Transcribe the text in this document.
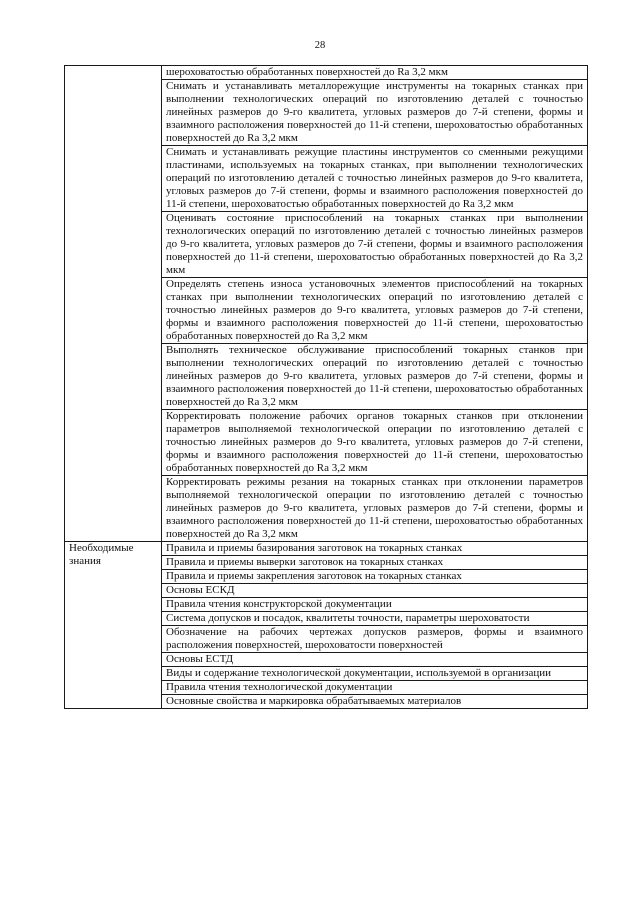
28
	шероховатостью обработанных поверхностей до Ra 3,2 мкм
	Снимать и устанавливать металлорежущие инструменты на токарных станках при выполнении технологических операций по изготовлению деталей с точностью линейных размеров до 9-го квалитета, угловых размеров до 7-й степени, формы и взаимного расположения поверхностей до 11-й степени, шероховатостью обработанных поверхностей до Ra 3,2 мкм
	Снимать и устанавливать режущие пластины инструментов со сменными режущими пластинами, используемых на токарных станках, при выполнении технологических операций по изготовлению деталей с точностью линейных размеров до 9-го квалитета, угловых размеров до 7-й степени, формы и взаимного расположения поверхностей до 11-й степени, шероховатостью обработанных поверхностей до Ra 3,2 мкм
	Оценивать состояние приспособлений на токарных станках при выполнении технологических операций по изготовлению деталей с точностью линейных размеров до 9-го квалитета, угловых размеров до 7-й степени, формы и взаимного расположения поверхностей до 11-й степени, шероховатостью обработанных поверхностей до Ra 3,2 мкм
	Определять степень износа установочных элементов приспособлений на токарных станках при выполнении технологических операций по изготовлению деталей с точностью линейных размеров до 9-го квалитета, угловых размеров до 7-й степени, формы и взаимного расположения поверхностей до 11-й степени, шероховатостью обработанных поверхностей до Ra 3,2 мкм
	Выполнять техническое обслуживание приспособлений токарных станков при выполнении технологических операций по изготовлению деталей с точностью линейных размеров до 9-го квалитета, угловых размеров до 7-й степени, формы и взаимного расположения поверхностей до 11-й степени, шероховатостью обработанных поверхностей до Ra 3,2 мкм
	Корректировать положение рабочих органов токарных станков при отклонении параметров выполняемой технологической операции по изготовлению деталей с точностью линейных размеров до 9-го квалитета, угловых размеров до 7-й степени, формы и взаимного расположения поверхностей до 11-й степени, шероховатостью обработанных поверхностей до Ra 3,2 мкм
	Корректировать режимы резания на токарных станках при отклонении параметров выполняемой технологической операции по изготовлению деталей с точностью линейных размеров до 9-го квалитета, угловых размеров до 7-й степени, формы и взаимного расположения поверхностей до 11-й степени, шероховатостью обработанных поверхностей до Ra 3,2 мкм
Необходимые знания	Правила и приемы базирования заготовок на токарных станках
	Правила и приемы выверки заготовок на токарных станках
	Правила и приемы закрепления заготовок на токарных станках
	Основы ЕСКД
	Правила чтения конструкторской документации
	Система допусков и посадок, квалитеты точности, параметры шероховатости
	Обозначение на рабочих чертежах допусков размеров, формы и взаимного расположения поверхностей, шероховатости поверхностей
	Основы ЕСТД
	Виды и содержание технологической документации, используемой в организации
	Правила чтения технологической документации
	Основные свойства и маркировка обрабатываемых материалов
